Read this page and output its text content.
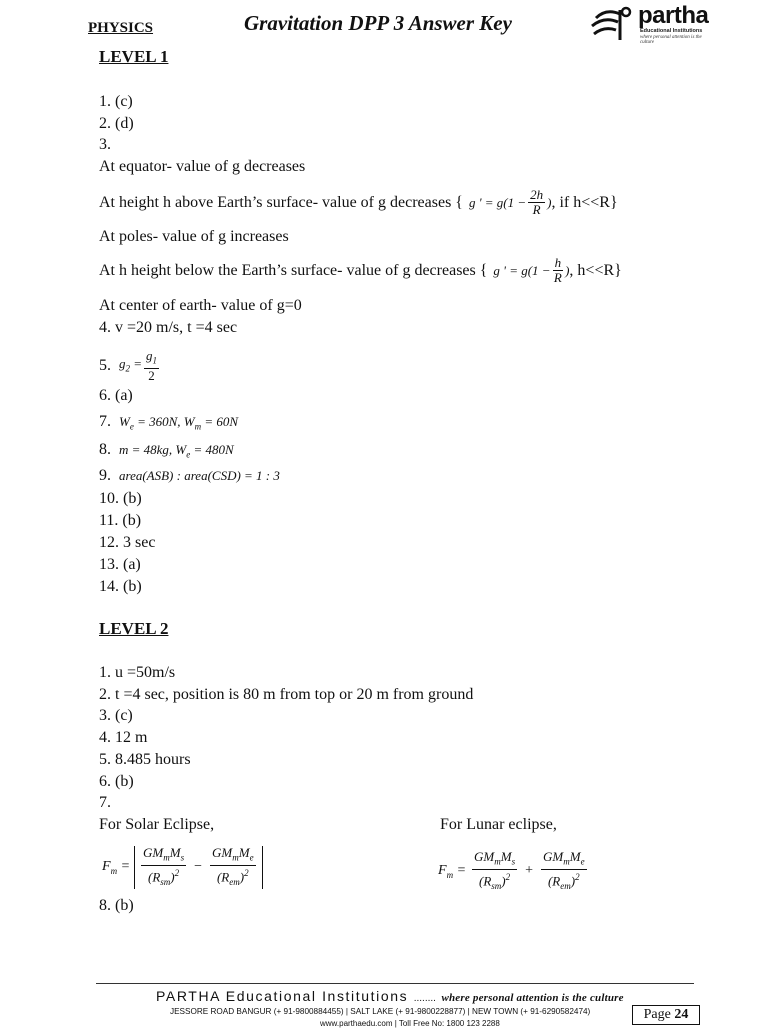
PHYSICS	Gravitation DPP 3 Answer Key	partha
Educational Institutions
where personal attention is the culture
LEVEL 1
1. (c)
2. (d)
3.
At equator- value of g decreases
At height h above Earth’s surface- value of g decreases { g ' = $g(1 - \frac{2h}{R}$ ) , if h<<R}
At poles- value of g increases
At h height below the Earth’s surface- value of g decreases { g ' = $g(1 - \frac{h}{R}$ ) , h<<R}
At center of earth- value of g=0
4. v =20 m/s, t =4 sec
5. $g_2 = \frac{g_1}{2}$
6. (a)
7. $W_e = 360N$, $W_m = 60N$
8. m = 48kg, $W_e = 480N$
9. area(ASB) : area(CSD) = 1 : 3
10. (b)
11. (b)
12. 3 sec
13. (a)
14. (b)
LEVEL 2
1. u =50m/s
2. t =4 sec, position is 80 m from top or 20 m from ground
3. (c)
4. 12 m
5. 8.485 hours
6. (b)
7.
For Solar Eclipse,	For Lunar eclipse,
$F_m = \frac{GM_mM_s}{(R_{sm})^2} - \frac{GM_mM_e}{(R_{em})^2}$	$F_m = \frac{GM_mM_s}{(R_{sm})^2} + \frac{GM_mM_e}{(R_{em})^2}$
8. (b)
PARTHA Educational Institutions ........ where personal attention is the culture
JESSORE ROAD BANGUR (+ 91-9800884455) | SALT LAKE (+ 91-9800228877) | NEW TOWN (+ 91-6290582474)
www.parthaedu.com | Toll Free No: 1800 123 2288
Page 24
